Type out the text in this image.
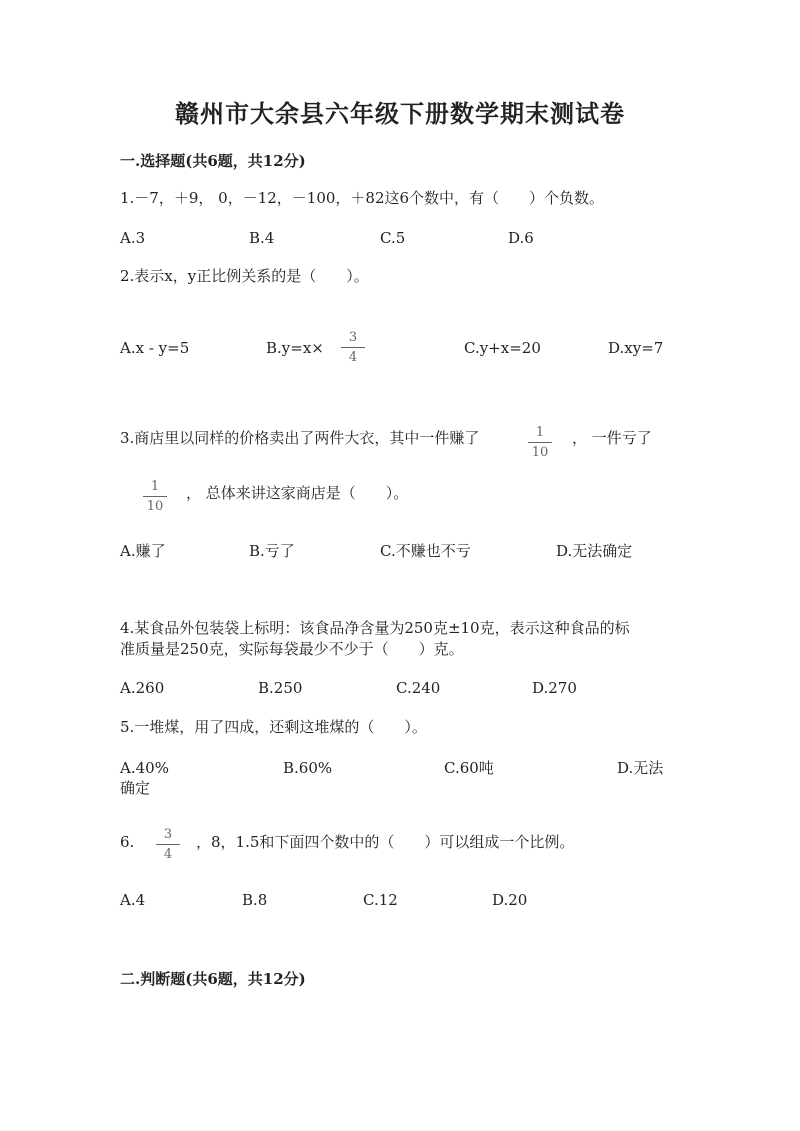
赣州市大余县六年级下册数学期末测试卷
一.选择题(共6题，共12分)
1.－7，＋9， 0，－12，－100，＋82这6个数中，有（　　）个负数。
A.3	B.4	C.5	D.6
2.表示x，y正比例关系的是（　　）。
A.x - y=5	B.y=x×
3
4
C.y+x=20	D.xy=7
3.商店里以同样的价格卖出了两件大衣，其中一件赚了	1
10
， 一件亏了
1
10
， 总体来讲这家商店是（　　）。
A.赚了	B.亏了	C.不赚也不亏	D.无法确定
4.某食品外包装袋上标明：该食品净含量为250克±10克，表示这种食品的标
准质量是250克，实际每袋最少不少于（　　）克。
A.260	B.250	C.240	D.270
5.一堆煤，用了四成，还剩这堆煤的（　　）。
A.40%	B.60%	C.60吨	D.无法
确定
6. 3
4
，8，1.5和下面四个数中的（　　）可以组成一个比例。
A.4	B.8	C.12	D.20
二.判断题(共6题，共12分)
